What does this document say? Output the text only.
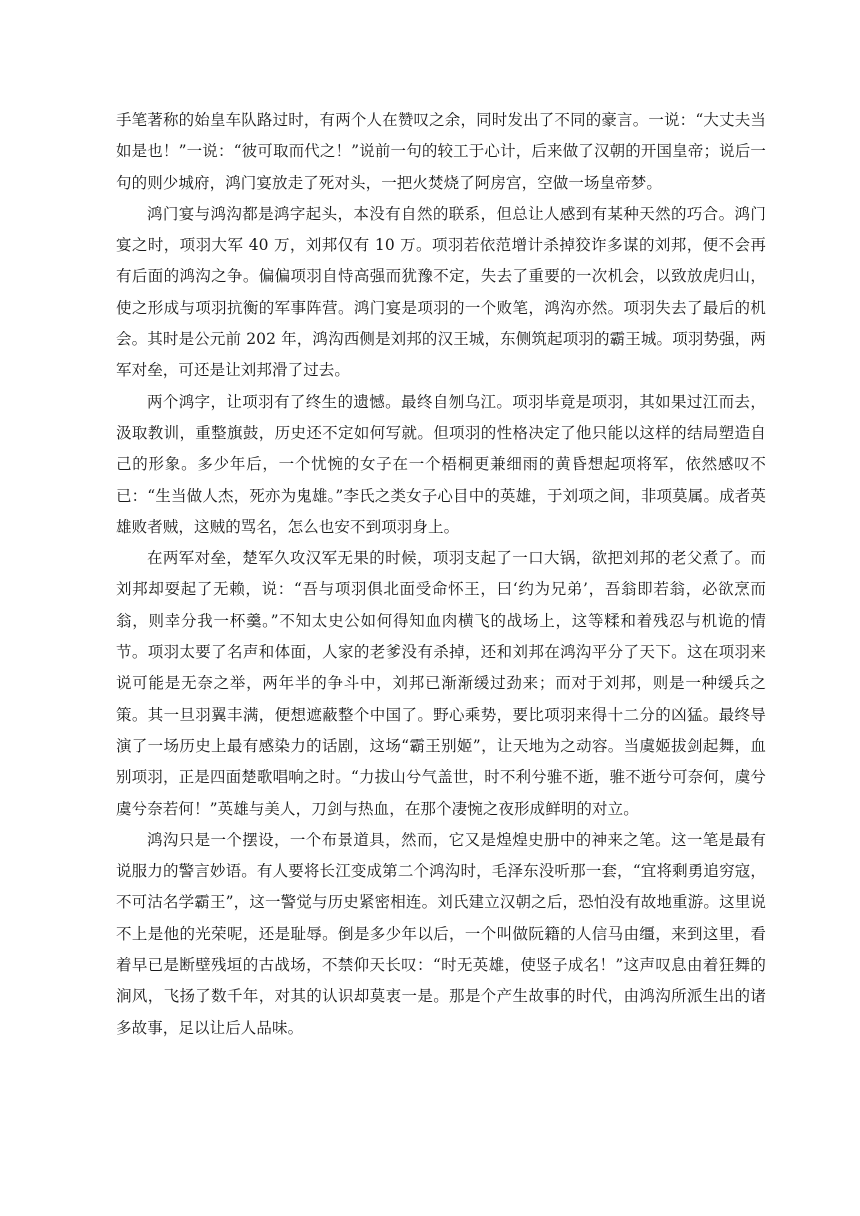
手笔著称的始皇车队路过时，有两个人在赞叹之余，同时发出了不同的豪言。一说：“大丈夫当如是也！”一说：“彼可取而代之！”说前一句的较工于心计，后来做了汉朝的开国皇帝；说后一句的则少城府，鸿门宴放走了死对头，一把火焚烧了阿房宫，空做一场皇帝梦。

鸿门宴与鸿沟都是鸿字起头，本没有自然的联系，但总让人感到有某种天然的巧合。鸿门宴之时，项羽大军 40 万，刘邦仅有 10 万。项羽若依范增计杀掉狡诈多谋的刘邦，便不会再有后面的鸿沟之争。偏偏项羽自恃高强而犹豫不定，失去了重要的一次机会，以致放虎归山，使之形成与项羽抗衡的军事阵营。鸿门宴是项羽的一个败笔，鸿沟亦然。项羽失去了最后的机会。其时是公元前 202 年，鸿沟西侧是刘邦的汉王城，东侧筑起项羽的霸王城。项羽势强，两军对垒，可还是让刘邦滑了过去。

两个鸿字，让项羽有了终生的遗憾。最终自刎乌江。项羽毕竟是项羽，其如果过江而去，汲取教训，重整旗鼓，历史还不定如何写就。但项羽的性格决定了他只能以这样的结局塑造自己的形象。多少年后，一个忧惋的女子在一个梧桐更兼细雨的黄昏想起项将军，依然感叹不已：“生当做人杰，死亦为鬼雄。”李氏之类女子心目中的英雄，于刘项之间，非项莫属。成者英雄败者贼，这贼的骂名，怎么也安不到项羽身上。

在两军对垒，楚军久攻汉军无果的时候，项羽支起了一口大锅，欲把刘邦的老父煮了。而刘邦却耍起了无赖，说：“吾与项羽俱北面受命怀王，曰‘约为兄弟’，吾翁即若翁，必欲烹而翁，则幸分我一杯羹。”不知太史公如何得知血肉横飞的战场上，这等糅和着残忍与机诡的情节。项羽太要了名声和体面，人家的老爹没有杀掉，还和刘邦在鸿沟平分了天下。这在项羽来说可能是无奈之举，两年半的争斗中，刘邦已渐渐缓过劲来；而对于刘邦，则是一种缓兵之策。其一旦羽翼丰满，便想遮蔽整个中国了。野心乘势，要比项羽来得十二分的凶猛。最终导演了一场历史上最有感染力的话剧，这场“霸王别姬”，让天地为之动容。当虞姬拔剑起舞，血别项羽，正是四面楚歌唱响之时。“力拔山兮气盖世，时不利兮骓不逝，骓不逝兮可奈何，虞兮虞兮奈若何！”英雄与美人，刀剑与热血，在那个凄惋之夜形成鲜明的对立。

鸿沟只是一个摆设，一个布景道具，然而，它又是煌煌史册中的神来之笔。这一笔是最有说服力的警言妙语。有人要将长江变成第二个鸿沟时，毛泽东没听那一套，“宜将剩勇追穷寇，不可沽名学霸王”，这一警觉与历史紧密相连。刘氏建立汉朝之后，恐怕没有故地重游。这里说不上是他的光荣呢，还是耻辱。倒是多少年以后，一个叫做阮籍的人信马由缰，来到这里，看着早已是断壁残垣的古战场，不禁仰天长叹：“时无英雄，使竖子成名！”这声叹息由着狂舞的涧风，飞扬了数千年，对其的认识却莫衷一是。那是个产生故事的时代，由鸿沟所派生出的诸多故事，足以让后人品味。
